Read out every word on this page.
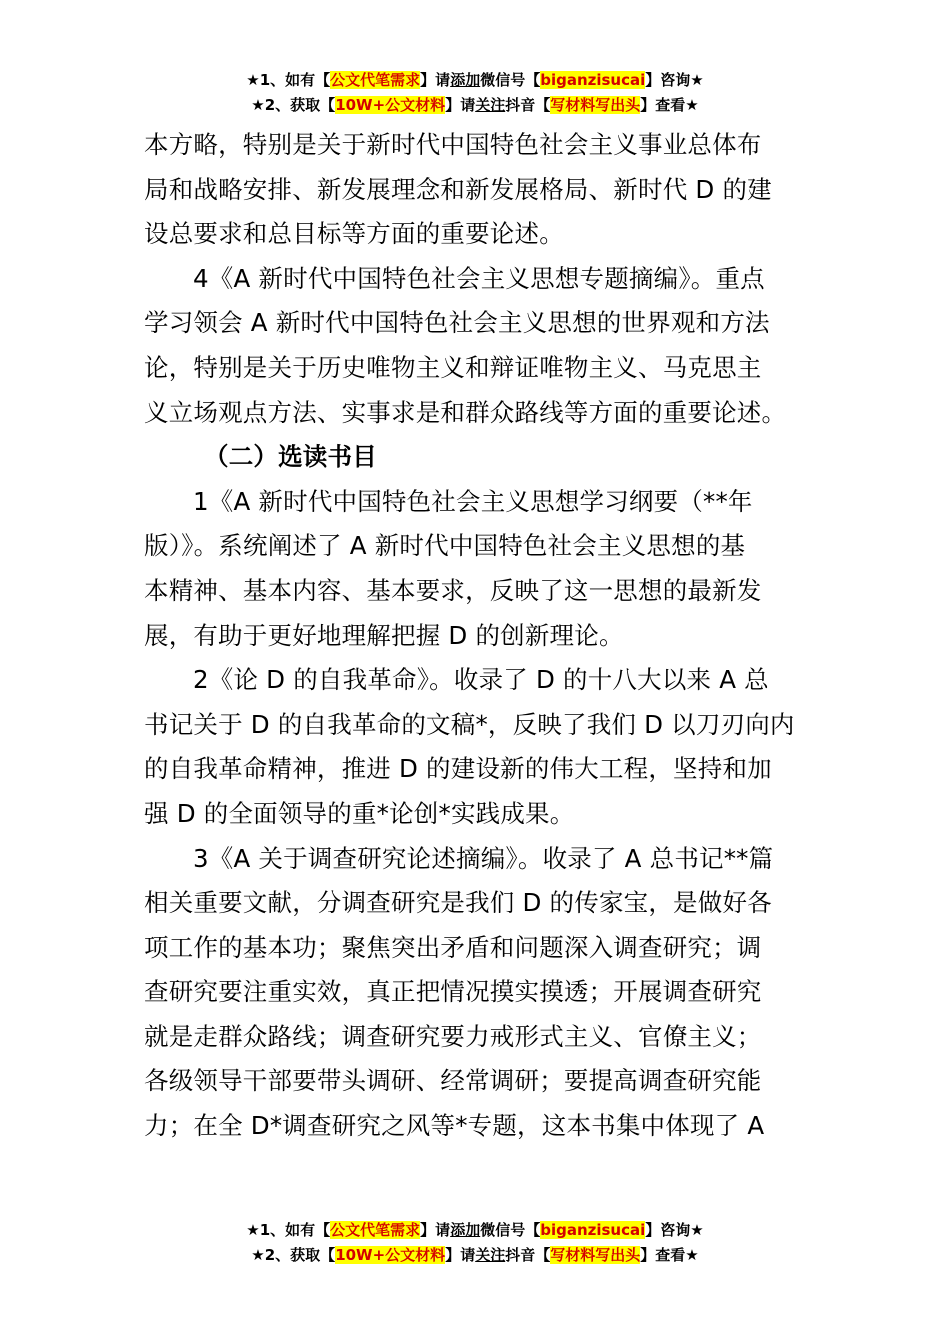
★1、如有【公文代笔需求】请添加微信号【biganzisucai】咨询★
★2、获取【10W+公文材料】请关注抖音【写材料写出头】查看★

本方略，特别是关于新时代中国特色社会主义事业总体布

局和战略安排、新发展理念和新发展格局、新时代 D 的建

设总要求和总目标等方面的重要论述。

4《A 新时代中国特色社会主义思想专题摘编》。重点

学习领会 A 新时代中国特色社会主义思想的世界观和方法

论，特别是关于历史唯物主义和辩证唯物主义、马克思主

义立场观点方法、实事求是和群众路线等方面的重要论述。

（二）选读书目

1《A 新时代中国特色社会主义思想学习纲要（**年

版）》。系统阐述了 A 新时代中国特色社会主义思想的基

本精神、基本内容、基本要求，反映了这一思想的最新发

展，有助于更好地理解把握 D 的创新理论。

2《论 D 的自我革命》。收录了 D 的十八大以来 A 总

书记关于 D 的自我革命的文稿*，反映了我们 D 以刀刃向内

的自我革命精神，推进 D 的建设新的伟大工程，坚持和加

强 D 的全面领导的重*论创*实践成果。

3《A 关于调查研究论述摘编》。收录了 A 总书记**篇

相关重要文献，分调查研究是我们 D 的传家宝，是做好各

项工作的基本功；聚焦突出矛盾和问题深入调查研究；调

查研究要注重实效，真正把情况摸实摸透；开展调查研究

就是走群众路线；调查研究要力戒形式主义、官僚主义；

各级领导干部要带头调研、经常调研；要提高调查研究能

力；在全 D*调查研究之风等*专题，这本书集中体现了 A

★1、如有【公文代笔需求】请添加微信号【biganzisucai】咨询★
★2、获取【10W+公文材料】请关注抖音【写材料写出头】查看★
